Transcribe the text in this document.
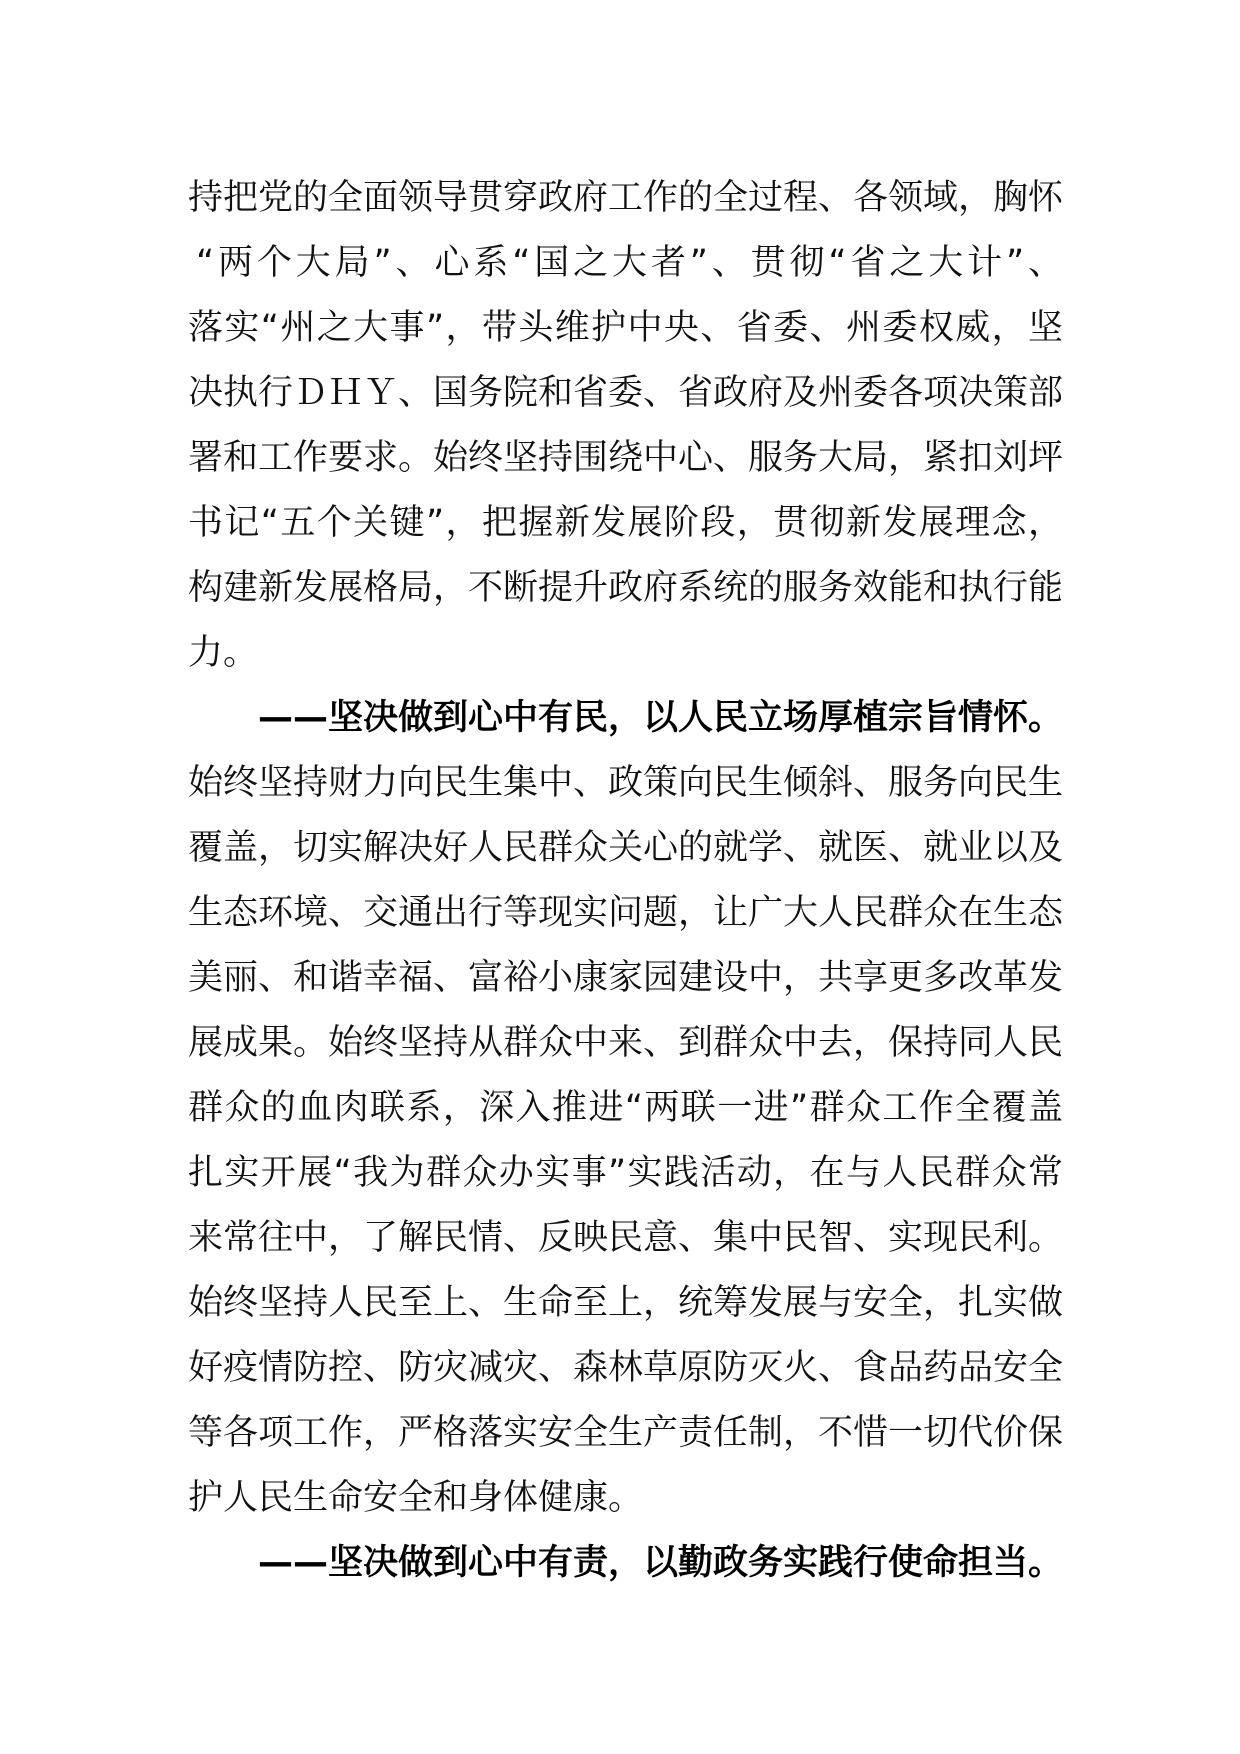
持把党的全面领导贯穿政府工作的全过程、各领域，胸怀
“两个大局”、心系“国之大者”、贯彻“省之大计”、
落实“州之大事”，带头维护中央、省委、州委权威，坚
决执行ＤＨＹ、国务院和省委、省政府及州委各项决策部
署和工作要求。始终坚持围绕中心、服务大局，紧扣刘坪
书记“五个关键”，把握新发展阶段，贯彻新发展理念，
构建新发展格局，不断提升政府系统的服务效能和执行能
力。
——坚决做到心中有民，以人民立场厚植宗旨情怀。
始终坚持财力向民生集中、政策向民生倾斜、服务向民生
覆盖，切实解决好人民群众关心的就学、就医、就业以及
生态环境、交通出行等现实问题，让广大人民群众在生态
美丽、和谐幸福、富裕小康家园建设中，共享更多改革发
展成果。始终坚持从群众中来、到群众中去，保持同人民
群众的血肉联系，深入推进“两联一进”群众工作全覆盖
扎实开展“我为群众办实事”实践活动，在与人民群众常
来常往中，了解民情、反映民意、集中民智、实现民利。
始终坚持人民至上、生命至上，统筹发展与安全，扎实做
好疫情防控、防灾减灾、森林草原防灭火、食品药品安全
等各项工作，严格落实安全生产责任制，不惜一切代价保
护人民生命安全和身体健康。
——坚决做到心中有责，以勤政务实践行使命担当。
